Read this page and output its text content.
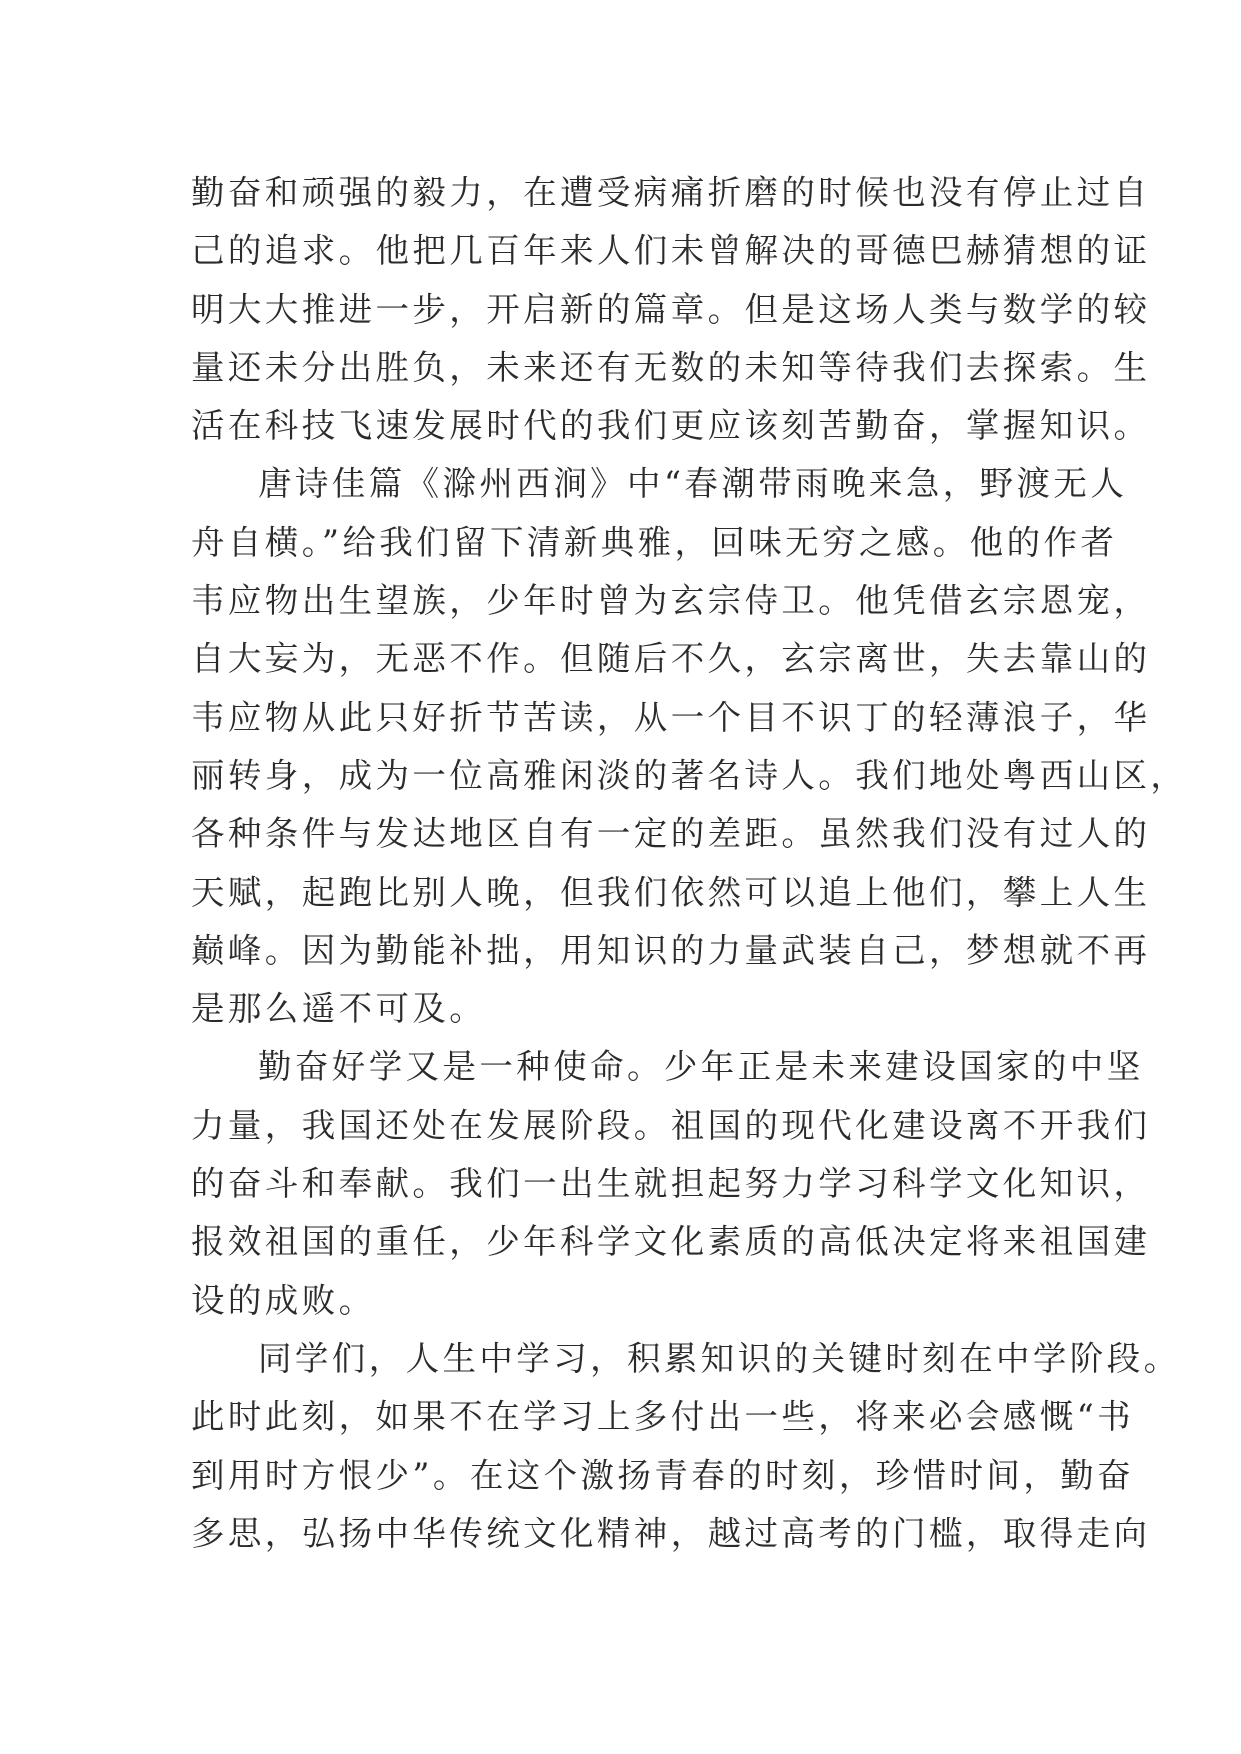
勤奋和顽强的毅力，在遭受病痛折磨的时候也没有停止过自
己的追求。他把几百年来人们未曾解决的哥德巴赫猜想的证
明大大推进一步，开启新的篇章。但是这场人类与数学的较
量还未分出胜负，未来还有无数的未知等待我们去探索。生
活在科技飞速发展时代的我们更应该刻苦勤奋，掌握知识。
唐诗佳篇《滁州西涧》中“春潮带雨晚来急，野渡无人
舟自横。”给我们留下清新典雅，回味无穷之感。他的作者
韦应物出生望族，少年时曾为玄宗侍卫。他凭借玄宗恩宠，
自大妄为，无恶不作。但随后不久，玄宗离世，失去靠山的
韦应物从此只好折节苦读，从一个目不识丁的轻薄浪子，华
丽转身，成为一位高雅闲淡的著名诗人。我们地处粤西山区，
各种条件与发达地区自有一定的差距。虽然我们没有过人的
天赋，起跑比别人晚，但我们依然可以追上他们，攀上人生
巅峰。因为勤能补拙，用知识的力量武装自己，梦想就不再
是那么遥不可及。
勤奋好学又是一种使命。少年正是未来建设国家的中坚
力量，我国还处在发展阶段。祖国的现代化建设离不开我们
的奋斗和奉献。我们一出生就担起努力学习科学文化知识，
报效祖国的重任，少年科学文化素质的高低决定将来祖国建
设的成败。
同学们，人生中学习，积累知识的关键时刻在中学阶段。
此时此刻，如果不在学习上多付出一些，将来必会感慨“书
到用时方恨少”。在这个激扬青春的时刻，珍惜时间，勤奋
多思，弘扬中华传统文化精神，越过高考的门槛，取得走向
